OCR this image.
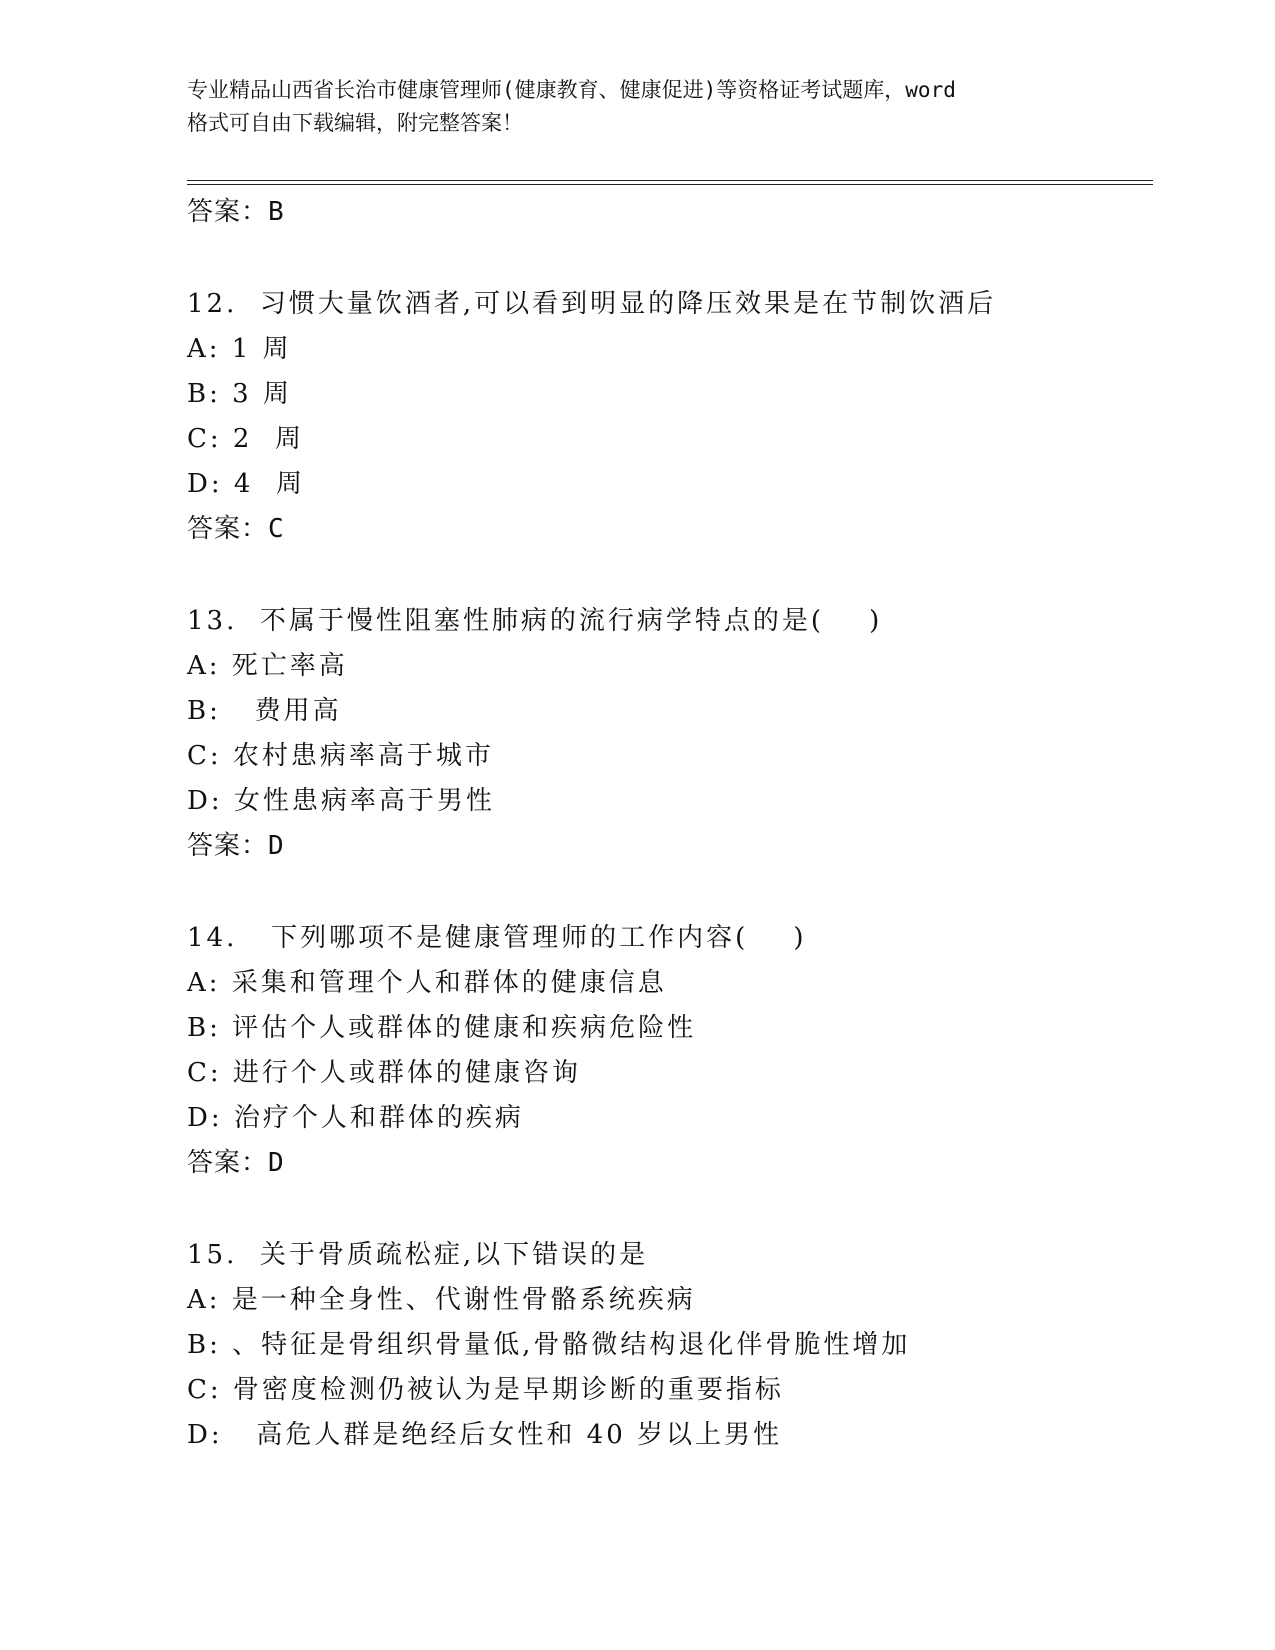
专业精品山西省长治市健康管理师(健康教育、健康促进)等资格证考试题库，word
格式可自由下载编辑，附完整答案！
答案：B
12.  习惯大量饮酒者,可以看到明显的降压效果是在节制饮酒后
A: 1 周
B: 3 周
C: 2  周
D: 4  周
答案：C
13.  不属于慢性阻塞性肺病的流行病学特点的是(    )
A: 死亡率高
B:   费用高
C: 农村患病率高于城市
D: 女性患病率高于男性
答案：D
14.   下列哪项不是健康管理师的工作内容(    )
A: 采集和管理个人和群体的健康信息
B: 评估个人或群体的健康和疾病危险性
C: 进行个人或群体的健康咨询
D: 治疗个人和群体的疾病
答案：D
15.  关于骨质疏松症,以下错误的是
A: 是一种全身性、代谢性骨骼系统疾病
B: 、特征是骨组织骨量低,骨骼微结构退化伴骨脆性增加
C: 骨密度检测仍被认为是早期诊断的重要指标
D:   高危人群是绝经后女性和 40 岁以上男性
